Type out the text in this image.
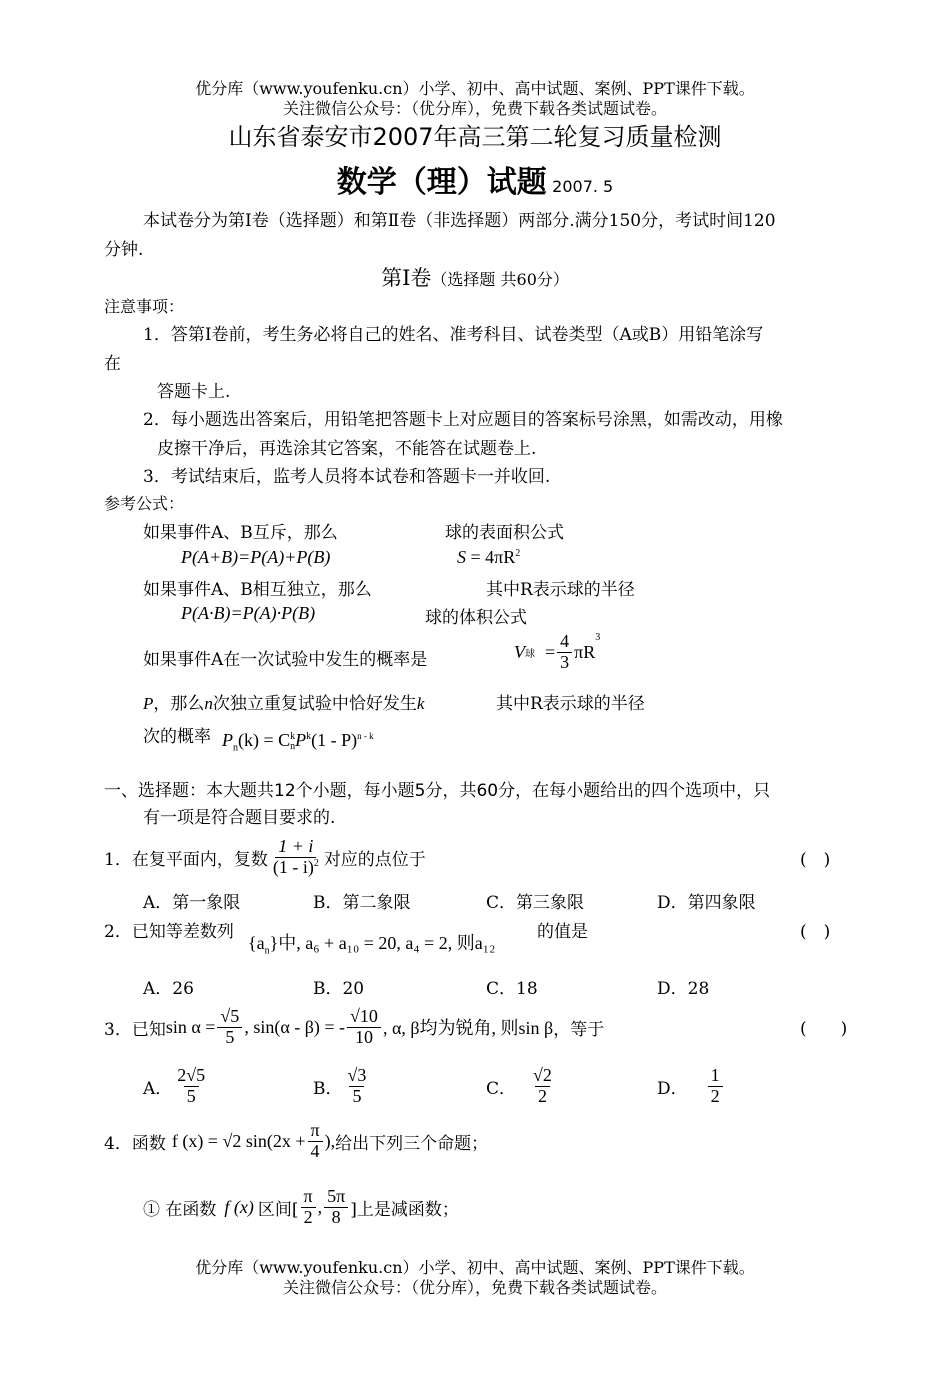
优分库（www.youfenku.cn）小学、初中、高中试题、案例、PPT课件下载。
关注微信公众号：（优分库），免费下载各类试题试卷。
山东省泰安市2007年高三第二轮复习质量检测
数学（理）试题 2007. 5
本试卷分为第Ⅰ卷（选择题）和第Ⅱ卷（非选择题）两部分.满分150分，考试时间120
分钟.
第Ⅰ卷（选择题 共60分）
注意事项：
1．答第Ⅰ卷前，考生务必将自己的姓名、准考科目、试卷类型（A或B）用铅笔涂写
在
答题卡上.
2．每小题选出答案后，用铅笔把答题卡上对应题目的答案标号涂黑，如需改动，用橡
皮擦干净后，再选涂其它答案，不能答在试题卷上.
3．考试结束后，监考人员将本试卷和答题卡一并收回.
参考公式：
如果事件A、B互斥，那么	球的表面积公式
P(A+B)=P(A)+P(B)	$S = 4\pi R^2$
如果事件A、B相互独立，那么	其中R表示球的半径
P(A·B)=P(A)·P(B)	球的体积公式
如果事件A在一次试验中发生的概率是	V 球 = $\frac{4}{3}$ πR
$^3$
P，那么n次独立重复试验中恰好发生k	其中R表示球的半径
次的概率 $P_n(k) = C$ k
n $P^k(1 - P)^{n - k}$
一、选择题：本大题共12个小题，每小题5分，共60分，在每小题给出的四个选项中，只
有一项是符合题目要求的.
1．在复平面内，复数 $\frac{1 + i}{(1 - i)^2}$ 对应的点位于	(　)
A．第一象限	B．第二象限	C．第三象限	D．第四象限
2．已知等差数列
$\{a_n\}$中, a₆ + a₁₀ = 20, a₄ = 2, 则a₁₂
的值是	(　)
A．26	B．20	C．18	D．28
3．已知 $\sin \alpha = \frac{√5}{5}$ , sin(α - β) = - $\frac{√10}{10}$ , α, β均为锐角, 则sin β ，等于	(　　)
A． $\frac{2√5}{5}$	B． $\frac{√3}{5}$	C． $\frac{√2}{2}$	D． $\frac{1}{2}$
4．函数 f (x) = √2 $\sin(2x + \frac{\pi}{4}$ ), 给出下列三个命题；
① 在函数 f (x) 区间[ $\frac{\pi}{2}$ , $\frac{5\pi}{8}$ ]上是减函数；
优分库（www.youfenku.cn）小学、初中、高中试题、案例、PPT课件下载。
关注微信公众号：（优分库），免费下载各类试题试卷。
